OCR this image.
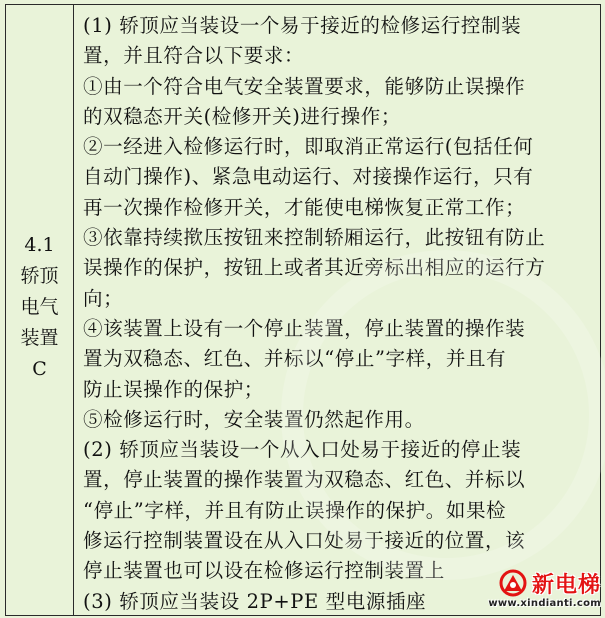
4.1
轿顶
电气
装置
C
(1) 轿顶应当装设一个易于接近的检修运行控制装
置，并且符合以下要求：
①由一个符合电气安全装置要求，能够防止误操作
的双稳态开关(检修开关)进行操作；
②一经进入检修运行时，即取消正常运行(包括任何
自动门操作)、紧急电动运行、对接操作运行，只有
再一次操作检修开关，才能使电梯恢复正常工作；
③依靠持续揿压按钮来控制轿厢运行，此按钮有防止
误操作的保护，按钮上或者其近旁标出相应的运行方
向；
④该装置上设有一个停止装置，停止装置的操作装
置为双稳态、红色、并标以“停止”字样，并且有
防止误操作的保护；
⑤检修运行时，安全装置仍然起作用。
(2) 轿顶应当装设一个从入口处易于接近的停止装
置，停止装置的操作装置为双稳态、红色、并标以
“停止”字样，并且有防止误操作的保护。如果检
修运行控制装置设在从入口处易于接近的位置，该
停止装置也可以设在检修运行控制装置上
(3) 轿顶应当装设 2P+PE 型电源插座
新电梯
www.xindianti.com
